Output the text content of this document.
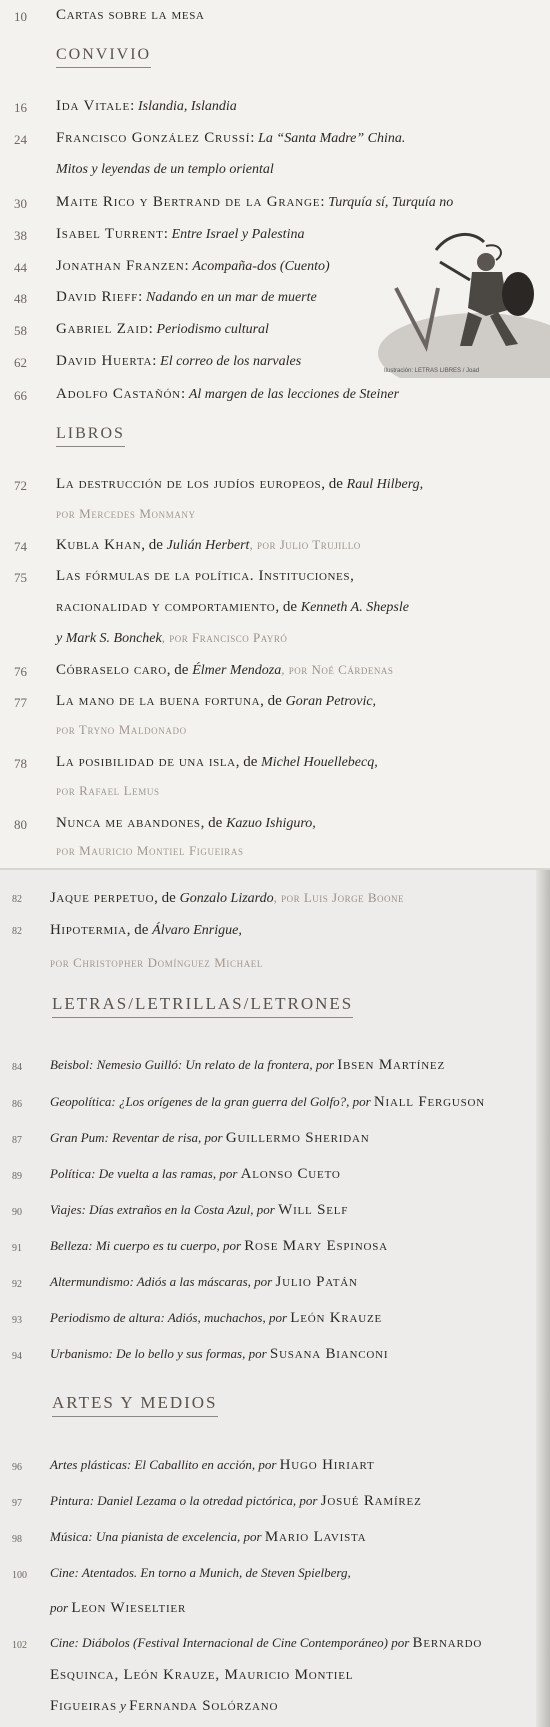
10	Cartas sobre la mesa
CONVIVIO
16	Ida Vitale: Islandia, Islandia
24	Francisco González Crussí: La “Santa Madre” China.
Mitos y leyendas de un templo oriental
30	Maite Rico y Bertrand de la Grange: Turquía sí, Turquía no
38	Isabel Turrent: Entre Israel y Palestina
44	Jonathan Franzen: Acompaña-dos (Cuento)
48	David Rieff: Nadando en un mar de muerte
58	Gabriel Zaid: Periodismo cultural
62	David Huerta: El correo de los narvales
66	Adolfo Castañón: Al margen de las lecciones de Steiner
Ilustración: LETRAS LIBRES / Joad
LIBROS
72	La destrucción de los judíos europeos, de Raul Hilberg,
por Mercedes Monmany
74	Kubla Khan, de Julián Herbert, por Julio Trujillo
75	Las fórmulas de la política. Instituciones,
racionalidad y comportamiento, de Kenneth A. Shepsle
y Mark S. Bonchek, por Francisco Payró
76	Cóbraselo caro, de Élmer Mendoza, por Noé Cárdenas
77	La mano de la buena fortuna, de Goran Petrovic,
por Tryno Maldonado
78	La posibilidad de una isla, de Michel Houellebecq,
por Rafael Lemus
80	Nunca me abandones, de Kazuo Ishiguro,
por Mauricio Montiel Figueiras
82	Jaque perpetuo, de Gonzalo Lizardo, por Luis Jorge Boone
82	Hipotermia, de Álvaro Enrigue,
por Christopher Domínguez Michael
LETRAS/LETRILLAS/LETRONES
84	Beisbol: Nemesio Guilló: Un relato de la frontera, por Ibsen Martínez
86	Geopolítica: ¿Los orígenes de la gran guerra del Golfo?, por Niall Ferguson
87	Gran Pum: Reventar de risa, por Guillermo Sheridan
89	Política: De vuelta a las ramas, por Alonso Cueto
90	Viajes: Días extraños en la Costa Azul, por Will Self
91	Belleza: Mi cuerpo es tu cuerpo, por Rose Mary Espinosa
92	Altermundismo: Adiós a las máscaras, por Julio Patán
93	Periodismo de altura: Adiós, muchachos, por León Krauze
94	Urbanismo: De lo bello y sus formas, por Susana Bianconi
ARTES Y MEDIOS
96	Artes plásticas: El Caballito en acción, por Hugo Hiriart
97	Pintura: Daniel Lezama o la otredad pictórica, por Josué Ramírez
98	Música: Una pianista de excelencia, por Mario Lavista
100	Cine: Atentados. En torno a Munich, de Steven Spielberg,
por Leon Wieseltier
102	Cine: Diábolos (Festival Internacional de Cine Contemporáneo) por Bernardo
Esquinca, León Krauze, Mauricio Montiel
Figueiras y Fernanda Solórzano
